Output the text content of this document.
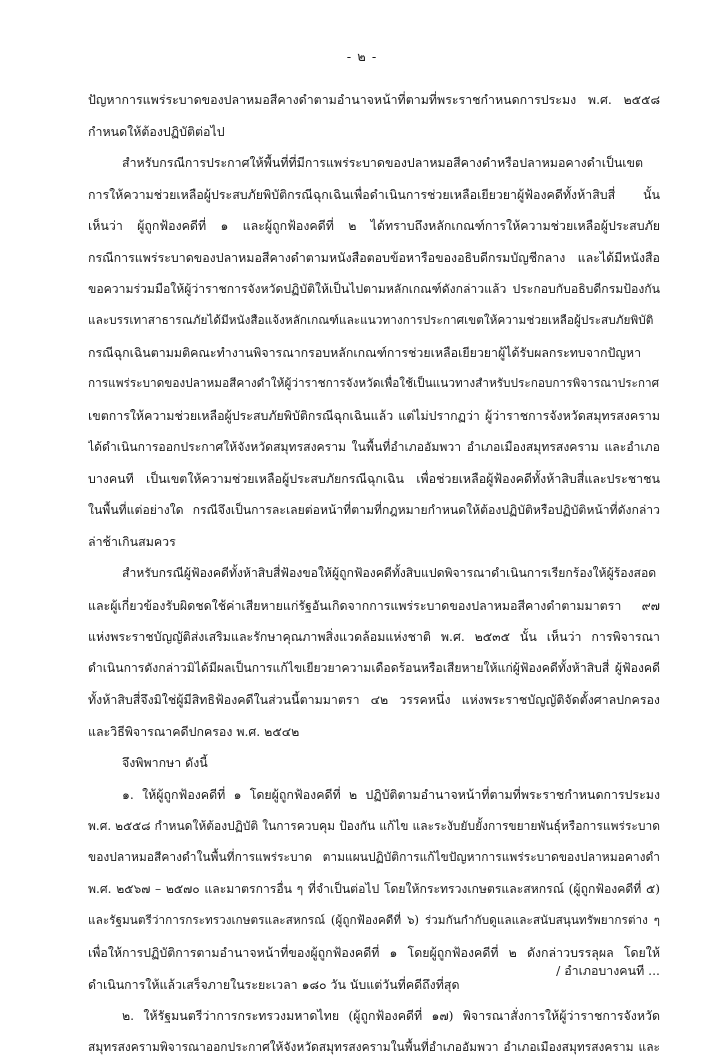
- ๒ -
ปัญหาการแพร่ระบาดของปลาหมอสีคางดำตามอำนาจหน้าที่ตามที่พระราชกำหนดการประมง พ.ศ. ๒๕๕๘
กำหนดให้ต้องปฏิบัติต่อไป
สำหรับกรณีการประกาศให้พื้นที่ที่มีการแพร่ระบาดของปลาหมอสีคางดำหรือปลาหมอคางดำเป็นเขต
การให้ความช่วยเหลือผู้ประสบภัยพิบัติกรณีฉุกเฉินเพื่อดำเนินการช่วยเหลือเยียวยาผู้ฟ้องคดีทั้งห้าสิบสี่ นั้น
เห็นว่า ผู้ถูกฟ้องคดีที่ ๑ และผู้ถูกฟ้องคดีที่ ๒ ได้ทราบถึงหลักเกณฑ์การให้ความช่วยเหลือผู้ประสบภัย
กรณีการแพร่ระบาดของปลาหมอสีคางดำตามหนังสือตอบข้อหารือของอธิบดีกรมบัญชีกลาง และได้มีหนังสือ
ขอความร่วมมือให้ผู้ว่าราชการจังหวัดปฏิบัติให้เป็นไปตามหลักเกณฑ์ดังกล่าวแล้ว ประกอบกับอธิบดีกรมป้องกัน
และบรรเทาสาธารณภัยได้มีหนังสือแจ้งหลักเกณฑ์และแนวทางการประกาศเขตให้ความช่วยเหลือผู้ประสบภัยพิบัติ
กรณีฉุกเฉินตามมติคณะทำงานพิจารณากรอบหลักเกณฑ์การช่วยเหลือเยียวยาผู้ได้รับผลกระทบจากปัญหา
การแพร่ระบาดของปลาหมอสีคางดำให้ผู้ว่าราชการจังหวัดเพื่อใช้เป็นแนวทางสำหรับประกอบการพิจารณาประกาศ
เขตการให้ความช่วยเหลือผู้ประสบภัยพิบัติกรณีฉุกเฉินแล้ว แต่ไม่ปรากฏว่า ผู้ว่าราชการจังหวัดสมุทรสงคราม
ได้ดำเนินการออกประกาศให้จังหวัดสมุทรสงคราม ในพื้นที่อำเภออัมพวา อำเภอเมืองสมุทรสงคราม และอำเภอ
บางคนที เป็นเขตให้ความช่วยเหลือผู้ประสบภัยกรณีฉุกเฉิน เพื่อช่วยเหลือผู้ฟ้องคดีทั้งห้าสิบสี่และประชาชน
ในพื้นที่แต่อย่างใด กรณีจึงเป็นการละเลยต่อหน้าที่ตามที่กฎหมายกำหนดให้ต้องปฏิบัติหรือปฏิบัติหน้าที่ดังกล่าว
ล่าช้าเกินสมควร
สำหรับกรณีผู้ฟ้องคดีทั้งห้าสิบสี่ฟ้องขอให้ผู้ถูกฟ้องคดีทั้งสิบแปดพิจารณาดำเนินการเรียกร้องให้ผู้ร้องสอด
และผู้เกี่ยวข้องรับผิดชดใช้ค่าเสียหายแก่รัฐอันเกิดจากการแพร่ระบาดของปลาหมอสีคางดำตามมาตรา ๙๗
แห่งพระราชบัญญัติส่งเสริมและรักษาคุณภาพสิ่งแวดล้อมแห่งชาติ พ.ศ. ๒๕๓๕ นั้น เห็นว่า การพิจารณา
ดำเนินการดังกล่าวมิได้มีผลเป็นการแก้ไขเยียวยาความเดือดร้อนหรือเสียหายให้แก่ผู้ฟ้องคดีทั้งห้าสิบสี่ ผู้ฟ้องคดี
ทั้งห้าสิบสี่จึงมิใช่ผู้มีสิทธิฟ้องคดีในส่วนนี้ตามมาตรา ๔๒ วรรคหนึ่ง แห่งพระราชบัญญัติจัดตั้งศาลปกครอง
และวิธีพิจารณาคดีปกครอง พ.ศ. ๒๕๔๒
จึงพิพากษา ดังนี้
๑. ให้ผู้ถูกฟ้องคดีที่ ๑ โดยผู้ถูกฟ้องคดีที่ ๒ ปฏิบัติตามอำนาจหน้าที่ตามที่พระราชกำหนดการประมง
พ.ศ. ๒๕๕๘ กำหนดให้ต้องปฏิบัติ ในการควบคุม ป้องกัน แก้ไข และระงับยับยั้งการขยายพันธุ์หรือการแพร่ระบาด
ของปลาหมอสีคางดำในพื้นที่การแพร่ระบาด ตามแผนปฏิบัติการแก้ไขปัญหาการแพร่ระบาดของปลาหมอคางดำ
พ.ศ. ๒๕๖๗ – ๒๕๗๐ และมาตรการอื่น ๆ ที่จำเป็นต่อไป โดยให้กระทรวงเกษตรและสหกรณ์ (ผู้ถูกฟ้องคดีที่ ๕)
และรัฐมนตรีว่าการกระทรวงเกษตรและสหกรณ์ (ผู้ถูกฟ้องคดีที่ ๖) ร่วมกันกำกับดูแลและสนับสนุนทรัพยากรต่าง ๆ
เพื่อให้การปฏิบัติการตามอำนาจหน้าที่ของผู้ถูกฟ้องคดีที่ ๑ โดยผู้ถูกฟ้องคดีที่ ๒ ดังกล่าวบรรลุผล โดยให้
ดำเนินการให้แล้วเสร็จภายในระยะเวลา ๑๘๐ วัน นับแต่วันที่คดีถึงที่สุด
๒. ให้รัฐมนตรีว่าการกระทรวงมหาดไทย (ผู้ถูกฟ้องคดีที่ ๑๗) พิจารณาสั่งการให้ผู้ว่าราชการจังหวัด
สมุทรสงครามพิจารณาออกประกาศให้จังหวัดสมุทรสงครามในพื้นที่อำเภออัมพวา อำเภอเมืองสมุทรสงคราม และ
/ อำเภอบางคนที ...
